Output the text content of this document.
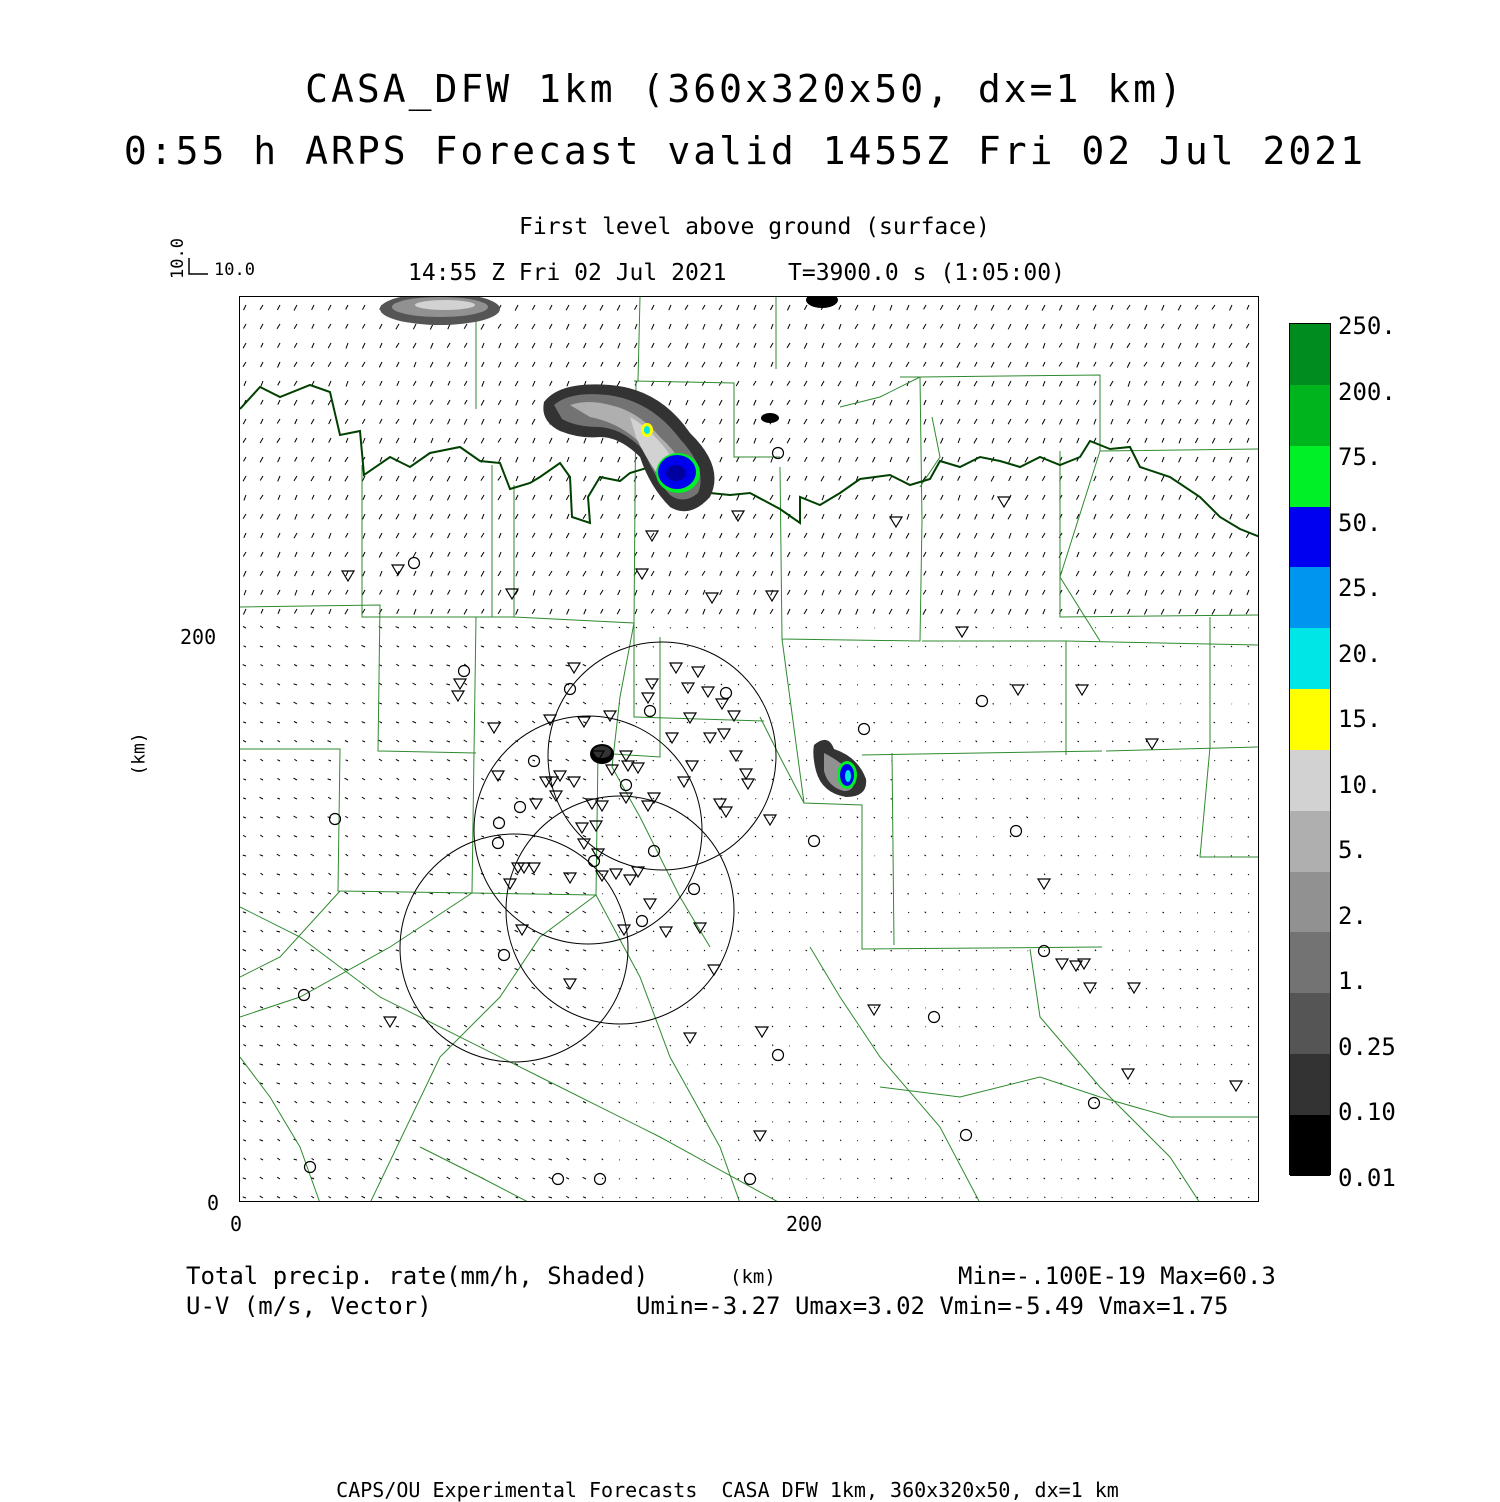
CASA_DFW 1km (360x320x50, dx=1 km)
0:55 h ARPS Forecast valid 1455Z Fri 02 Jul 2021
First level above ground (surface)
14:55 Z Fri 02 Jul 2021	T=3900.0 s (1:05:00)
10.0
10.0
(km)
200
0
0	200
(km)
250.
200.
75.
50.
25.
20.
15.
10.
5.
2.
1.
0.25
0.10
0.01
Total precip. rate(mm/h, Shaded)
U-V (m/s, Vector)
Min=-.100E-19 Max=60.3
Umin=-3.27 Umax=3.02 Vmin=-5.49 Vmax=1.75
CAPS/OU Experimental Forecasts  CASA DFW 1km, 360x320x50, dx=1 km
